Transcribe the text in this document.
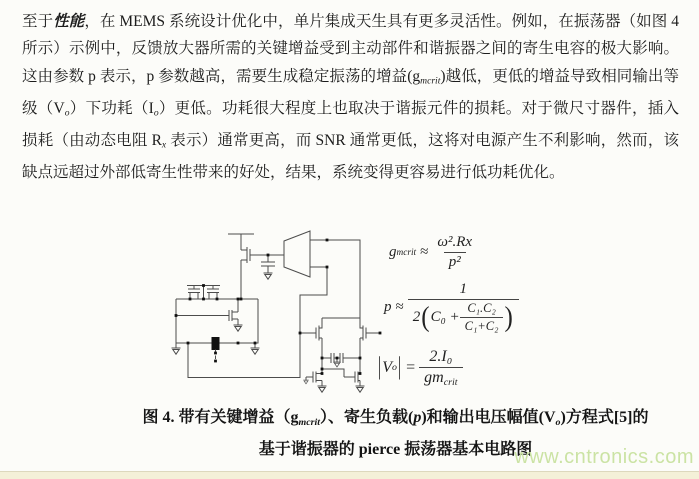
至于性能，在 MEMS 系统设计优化中，单片集成天生具有更多灵活性。例如，在振荡器（如图 4 所示）示例中，反馈放大器所需的关键增益受到主动部件和谐振器之间的寄生电容的极大影响。这由参数 p 表示，p 参数越高，需要生成稳定振荡的增益$(g_{mcrit})$越低，更低的增益导致相同输出等级$(V_o)$下功耗$(I_o)$更低。功耗很大程度上也取决于谐振元件的损耗。对于微尺寸器件，插入损耗（由动态电阻 $R_x$ 表示）通常更高，而 SNR 通常更低，这将对电源产生不利影响，然而，该缺点远超过外部低寄生性带来的好处，结果，系统变得更容易进行低功耗优化。

g mcrit ≈ $\frac{\text{ω².Rx}}{\text{p²}}$
p ≈
1
2 ( $C_0 + \frac{\text{C₁.C₂}}{\text{C₁+C₂}}$ )
| V o | = $\frac{\text{2.I₀}}{gm_{crit}}$
图 4. 带有关键增益（gmcrit）、寄生负载(p)和输出电压幅值(Vo)方程式[5]的
基于谐振器的 pierce 振荡器基本电路图
www.cntronics.com
